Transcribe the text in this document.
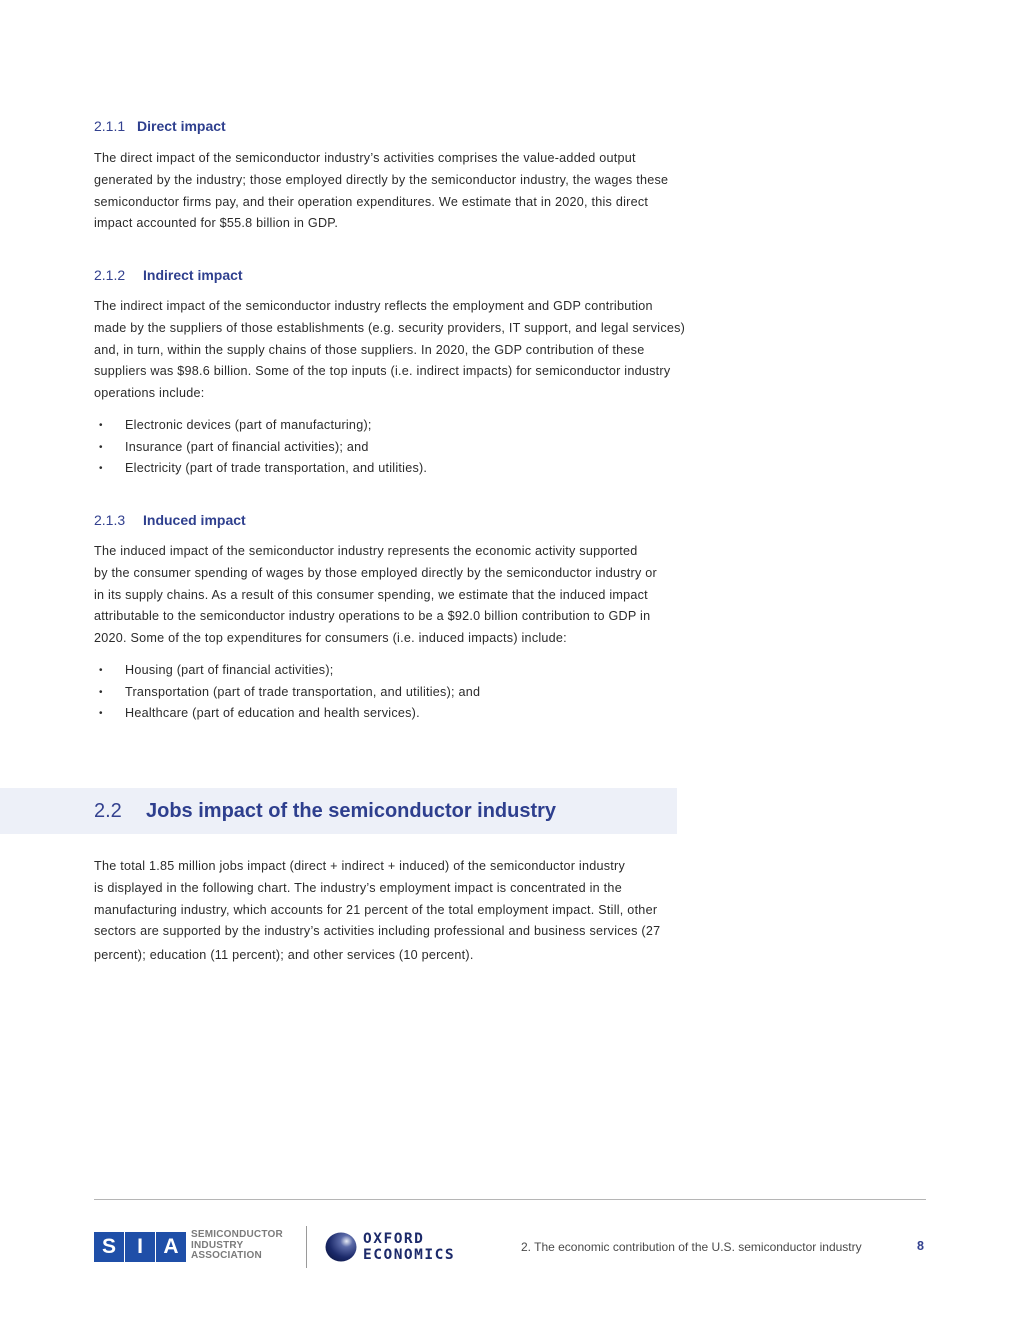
2.1.1 Direct impact
The direct impact of the semiconductor industry’s activities comprises the value-added output
generated by the industry; those employed directly by the semiconductor industry, the wages these
semiconductor firms pay, and their operation expenditures. We estimate that in 2020, this direct
impact accounted for $55.8 billion in GDP.
2.1.2 Indirect impact
The indirect impact of the semiconductor industry reflects the employment and GDP contribution
made by the suppliers of those establishments (e.g. security providers, IT support, and legal services)
and, in turn, within the supply chains of those suppliers. In 2020, the GDP contribution of these
suppliers was $98.6 billion. Some of the top inputs (i.e. indirect impacts) for semiconductor industry
operations include:
• Electronic devices (part of manufacturing);
• Insurance (part of financial activities); and
• Electricity (part of trade transportation, and utilities).
2.1.3 Induced impact
The induced impact of the semiconductor industry represents the economic activity supported
by the consumer spending of wages by those employed directly by the semiconductor industry or
in its supply chains. As a result of this consumer spending, we estimate that the induced impact
attributable to the semiconductor industry operations to be a $92.0 billion contribution to GDP in
2020. Some of the top expenditures for consumers (i.e. induced impacts) include:
• Housing (part of financial activities);
• Transportation (part of trade transportation, and utilities); and
• Healthcare (part of education and health services).
2.2 Jobs impact of the semiconductor industry
The total 1.85 million jobs impact (direct + indirect + induced) of the semiconductor industry
is displayed in the following chart. The industry’s employment impact is concentrated in the
manufacturing industry, which accounts for 21 percent of the total employment impact. Still, other
sectors are supported by the industry’s activities including professional and business services (27
percent); education (11 percent); and other services (10 percent).
S	I A
SEMICONDUCTOR
INDUSTRY
ASSOCIATION
OXFORD
ECONOMICS	2. The economic contribution of the U.S. semiconductor industry	8
